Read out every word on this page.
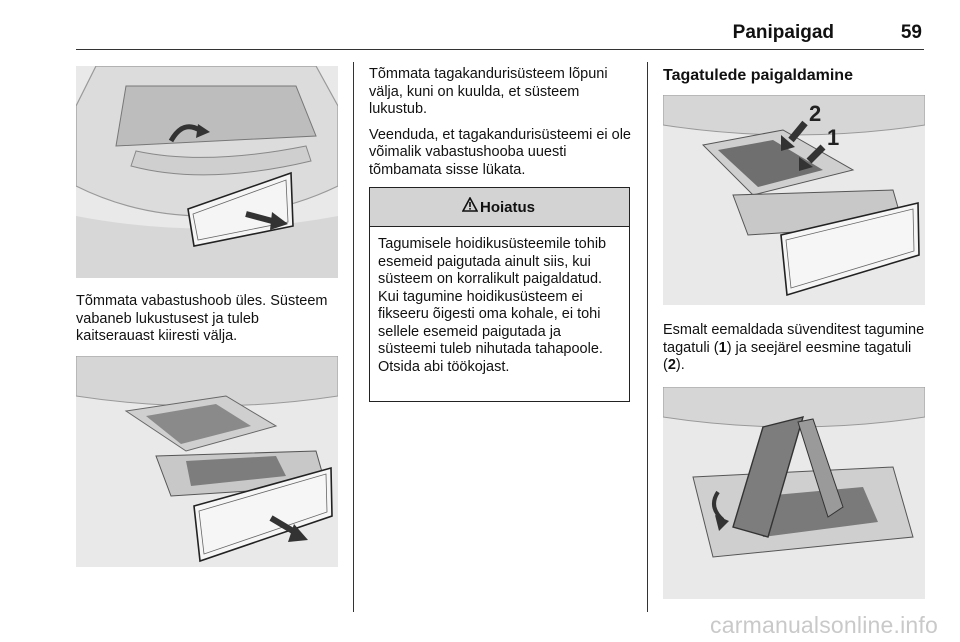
Panipaigad	59
Tõmmata vabastushoob üles. Süsteem vabaneb lukustusest ja tuleb kaitserauast kiiresti välja.

Tõmmata tagakandurisüsteem lõpuni välja, kuni on kuulda, et süsteem lukustub.

Veenduda, et tagakandurisüsteemi ei ole võimalik vabastushooba uuesti tõmbamata sisse lükata.

Hoiatus
Tagumisele hoidikusüsteemile tohib esemeid paigutada ainult siis, kui süsteem on korralikult paigaldatud. Kui tagumine hoidikusüsteem ei fikseeru õigesti oma kohale, ei tohi sellele esemeid paigutada ja süsteemi tuleb nihutada tahapoole. Otsida abi töökojast.
Tagatulede paigaldamine
2
1
Esmalt eemaldada süvenditest tagumine tagatuli (1) ja seejärel eesmine tagatuli (2).
carmanualsonline.info
